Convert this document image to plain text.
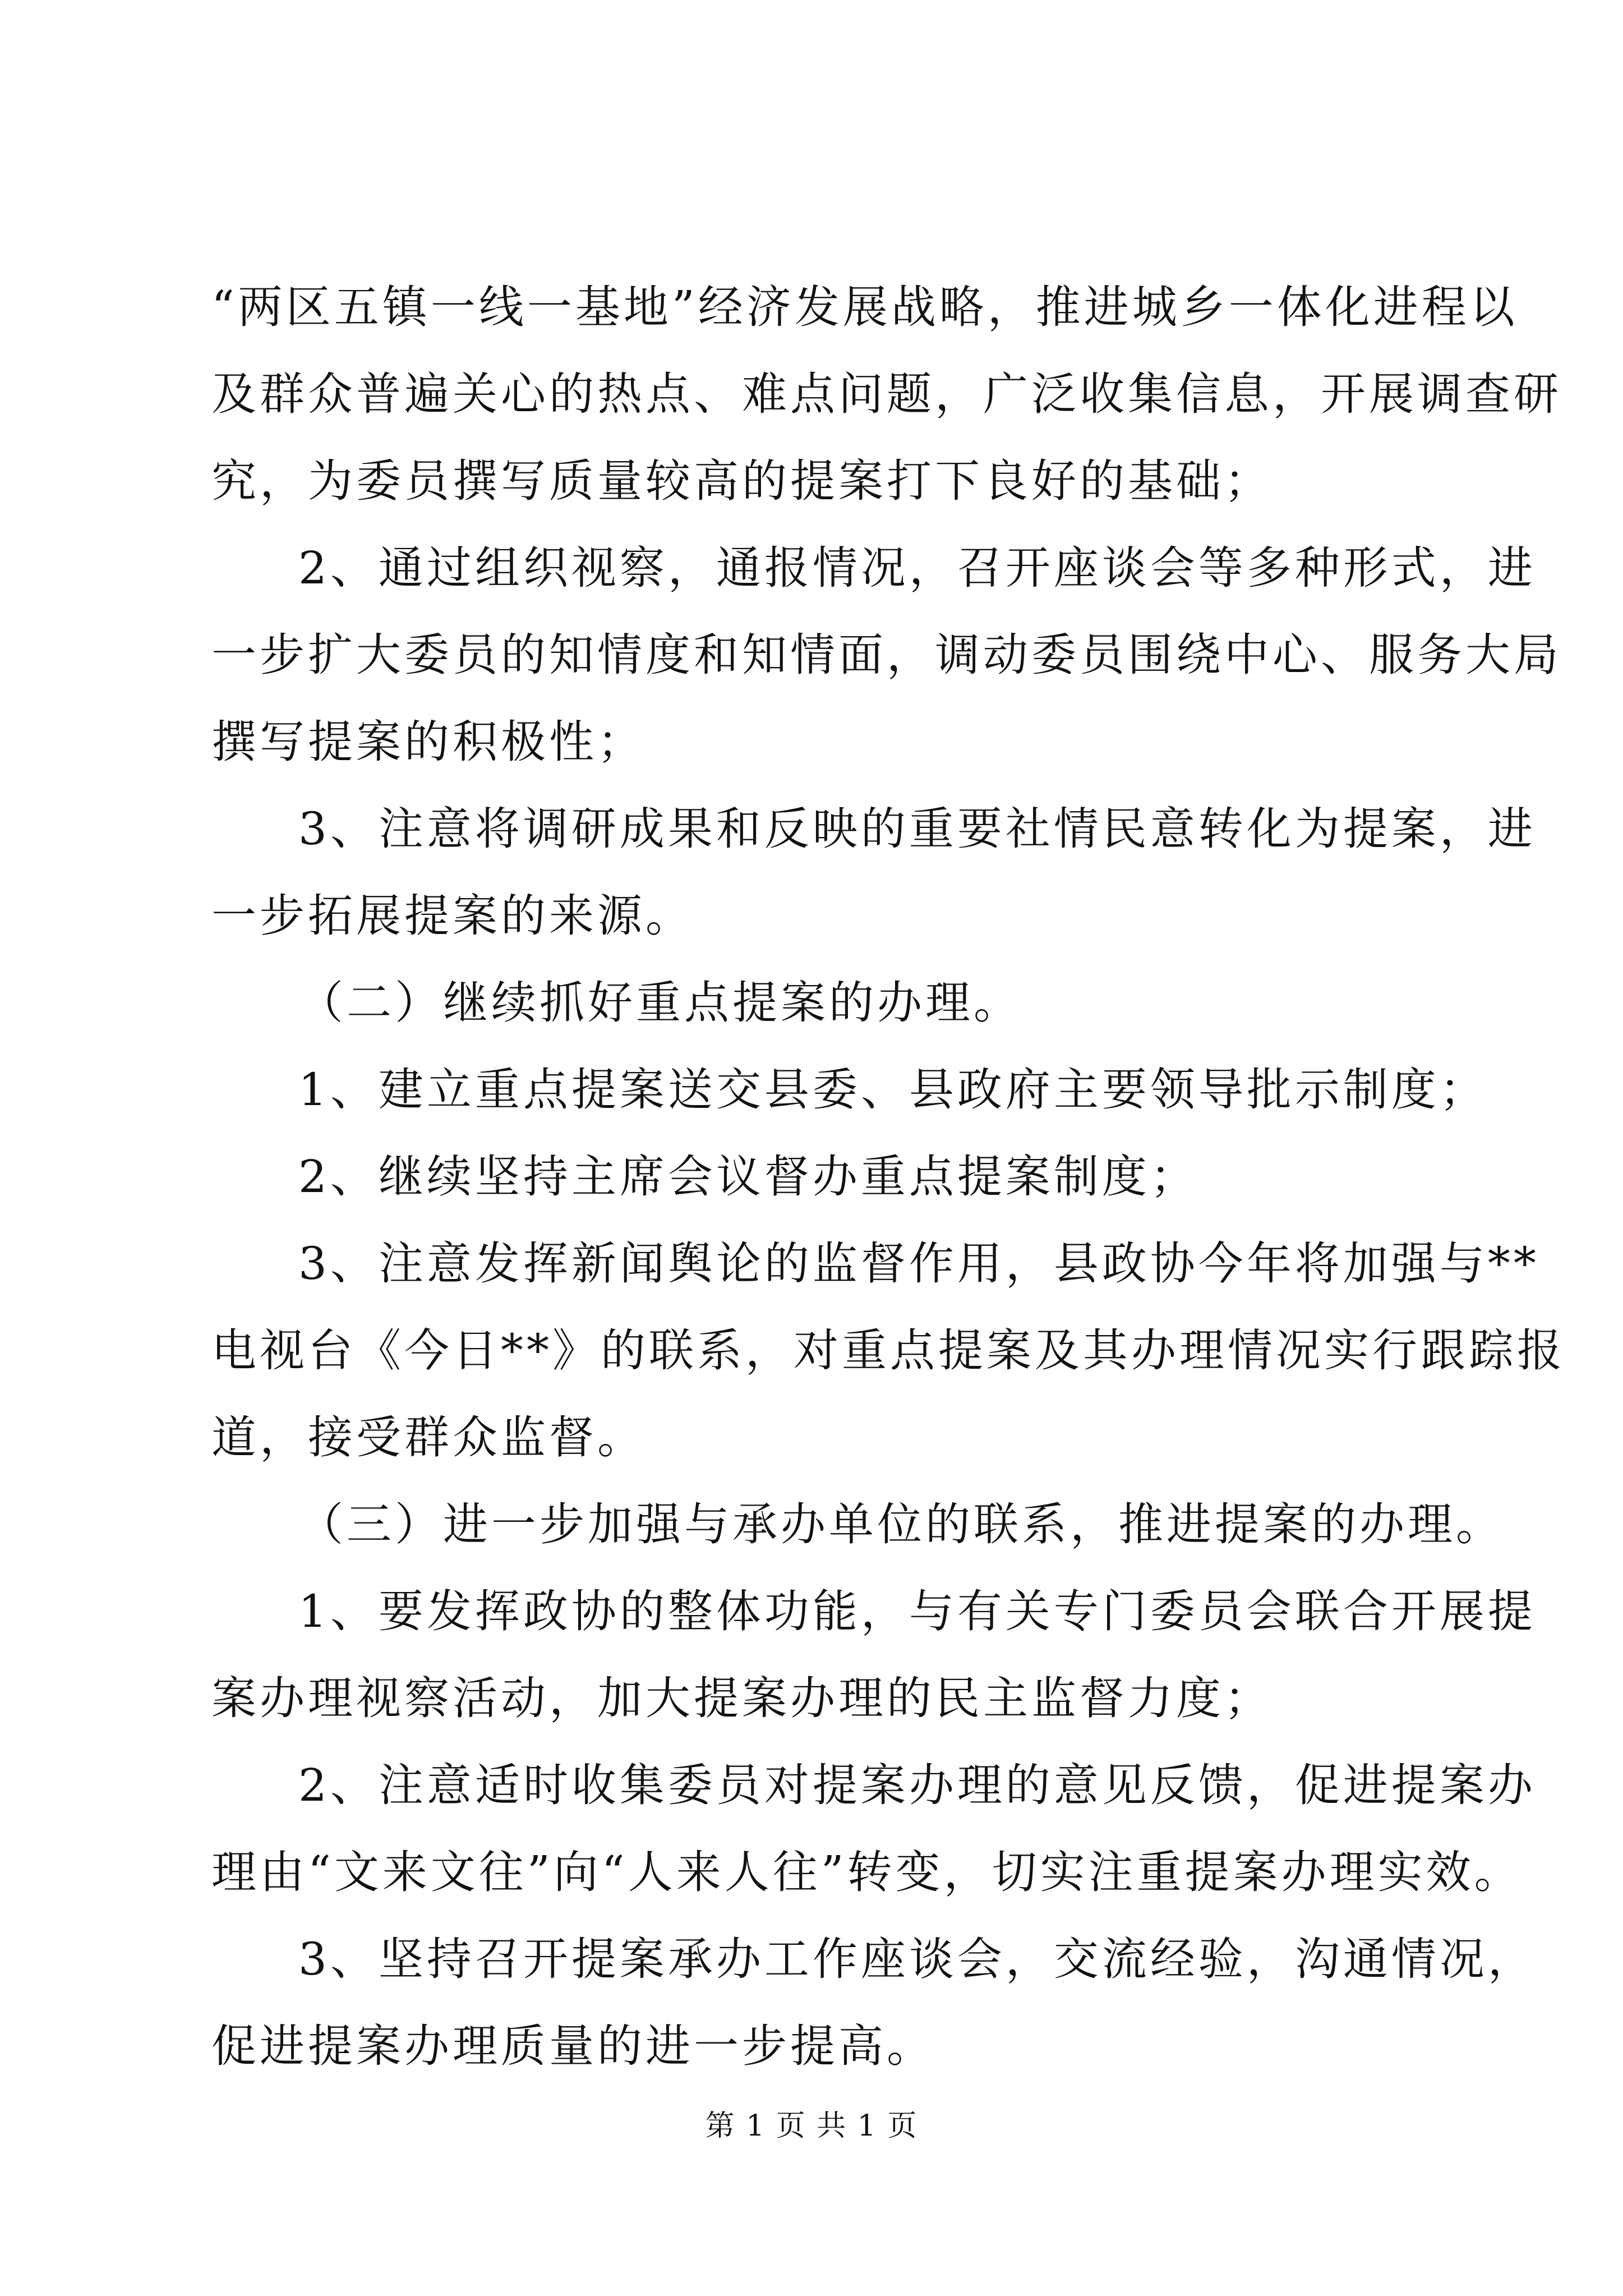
“两区五镇一线一基地”经济发展战略，推进城乡一体化进程以
及群众普遍关心的热点、难点问题，广泛收集信息，开展调查研
究，为委员撰写质量较高的提案打下良好的基础；
2、通过组织视察，通报情况，召开座谈会等多种形式，进
一步扩大委员的知情度和知情面，调动委员围绕中心、服务大局
撰写提案的积极性；
3、注意将调研成果和反映的重要社情民意转化为提案，进
一步拓展提案的来源。
（二）继续抓好重点提案的办理。
1、建立重点提案送交县委、县政府主要领导批示制度；
2、继续坚持主席会议督办重点提案制度；
3、注意发挥新闻舆论的监督作用，县政协今年将加强与**
电视台《今日**》的联系，对重点提案及其办理情况实行跟踪报
道，接受群众监督。
（三）进一步加强与承办单位的联系，推进提案的办理。
1、要发挥政协的整体功能，与有关专门委员会联合开展提
案办理视察活动，加大提案办理的民主监督力度；
2、注意适时收集委员对提案办理的意见反馈，促进提案办
理由“文来文往”向“人来人往”转变，切实注重提案办理实效。
3、坚持召开提案承办工作座谈会，交流经验，沟通情况，
促进提案办理质量的进一步提高。
第 1 页 共 1 页
